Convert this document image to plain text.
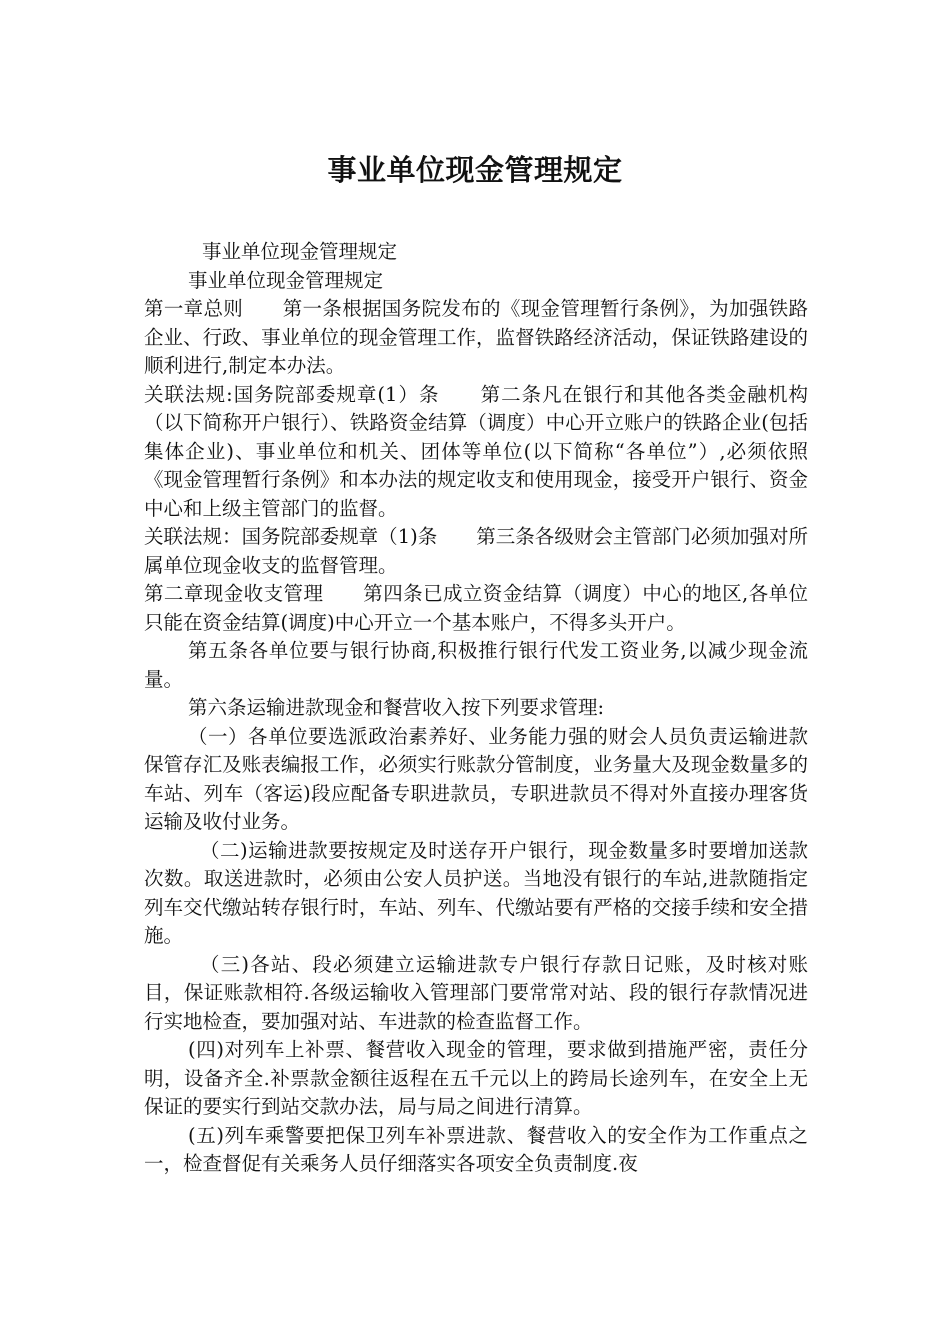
事业单位现金管理规定

事业单位现金管理规定

事业单位现金管理规定

第一章总则　　第一条根据国务院发布的《现金管理暂行条例》，为加强铁路企业、行政、事业单位的现金管理工作，监督铁路经济活动，保证铁路建设的顺利进行,制定本办法。

关联法规:国务院部委规章(1）条　　第二条凡在银行和其他各类金融机构（以下简称开户银行）、铁路资金结算（调度）中心开立账户的铁路企业(包括集体企业)、事业单位和机关、团体等单位(以下简称“各单位”）,必须依照《现金管理暂行条例》和本办法的规定收支和使用现金，接受开户银行、资金中心和上级主管部门的监督。

关联法规：国务院部委规章（1)条　　第三条各级财会主管部门必须加强对所属单位现金收支的监督管理。

第二章现金收支管理　　第四条已成立资金结算（调度）中心的地区,各单位只能在资金结算(调度)中心开立一个基本账户，不得多头开户。

第五条各单位要与银行协商,积极推行银行代发工资业务,以减少现金流量。

第六条运输进款现金和餐营收入按下列要求管理:

（一）各单位要选派政治素养好、业务能力强的财会人员负责运输进款保管存汇及账表编报工作，必须实行账款分管制度，业务量大及现金数量多的车站、列车（客运)段应配备专职进款员，专职进款员不得对外直接办理客货运输及收付业务。

（二)运输进款要按规定及时送存开户银行，现金数量多时要增加送款次数。取送进款时，必须由公安人员护送。当地没有银行的车站,进款随指定列车交代缴站转存银行时，车站、列车、代缴站要有严格的交接手续和安全措施。

（三)各站、段必须建立运输进款专户银行存款日记账，及时核对账目，保证账款相符.各级运输收入管理部门要常常对站、段的银行存款情况进行实地检查，要加强对站、车进款的检查监督工作。

(四)对列车上补票、餐营收入现金的管理，要求做到措施严密，责任分明，设备齐全.补票款金额往返程在五千元以上的跨局长途列车，在安全上无保证的要实行到站交款办法，局与局之间进行清算。

(五)列车乘警要把保卫列车补票进款、餐营收入的安全作为工作重点之一，检查督促有关乘务人员仔细落实各项安全负责制度.夜
